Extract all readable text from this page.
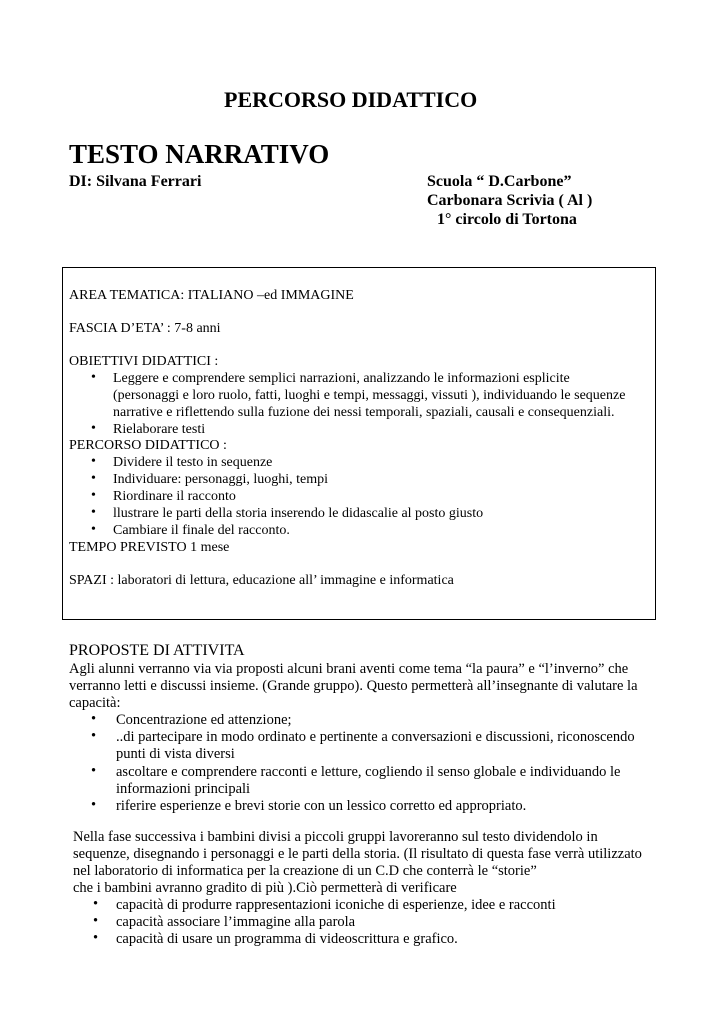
PERCORSO DIDATTICO
TESTO NARRATIVO
DI: Silvana Ferrari	Scuola “ D.Carbone”
Carbonara Scrivia ( Al )
1° circolo di Tortona
AREA TEMATICA: ITALIANO –ed IMMAGINE
FASCIA D’ETA’ : 7-8 anni
OBIETTIVI DIDATTICI :
• Leggere e comprendere semplici narrazioni, analizzando le informazioni esplicite
(personaggi e loro ruolo, fatti, luoghi e tempi, messaggi, vissuti ), individuando le sequenze
narrative e riflettendo sulla fuzione dei nessi temporali, spaziali, causali e consequenziali.
• Rielaborare testi
PERCORSO DIDATTICO :
• Dividere il testo in sequenze
• Individuare: personaggi, luoghi, tempi
• Riordinare il racconto
• llustrare le parti della storia inserendo le didascalie al posto giusto
• Cambiare il finale del racconto.
TEMPO PREVISTO 1 mese
SPAZI : laboratori di lettura, educazione all’ immagine e informatica
PROPOSTE DI ATTIVITA
Agli alunni verranno via via proposti alcuni brani aventi come tema “la paura” e “l’inverno” che
verranno letti e discussi insieme. (Grande gruppo). Questo permetterà all’insegnante di valutare la
capacità:
• Concentrazione ed attenzione;
• ..di partecipare in modo ordinato e pertinente a conversazioni e discussioni, riconoscendo
punti di vista diversi
• ascoltare e comprendere racconti e letture, cogliendo il senso globale e individuando le
informazioni principali
• riferire esperienze e brevi storie con un lessico corretto ed appropriato.
Nella fase successiva i bambini divisi a piccoli gruppi lavoreranno sul testo dividendolo in
sequenze, disegnando i personaggi e le parti della storia. (Il risultato di questa fase verrà utilizzato
nel laboratorio di informatica per la creazione di un C.D che conterrà le “storie”
che i bambini avranno gradito di più ).Ciò permetterà di verificare
• capacità di produrre rappresentazioni iconiche di esperienze, idee e racconti
• capacità associare l’immagine alla parola
• capacità di usare un programma di videoscrittura e grafico.
